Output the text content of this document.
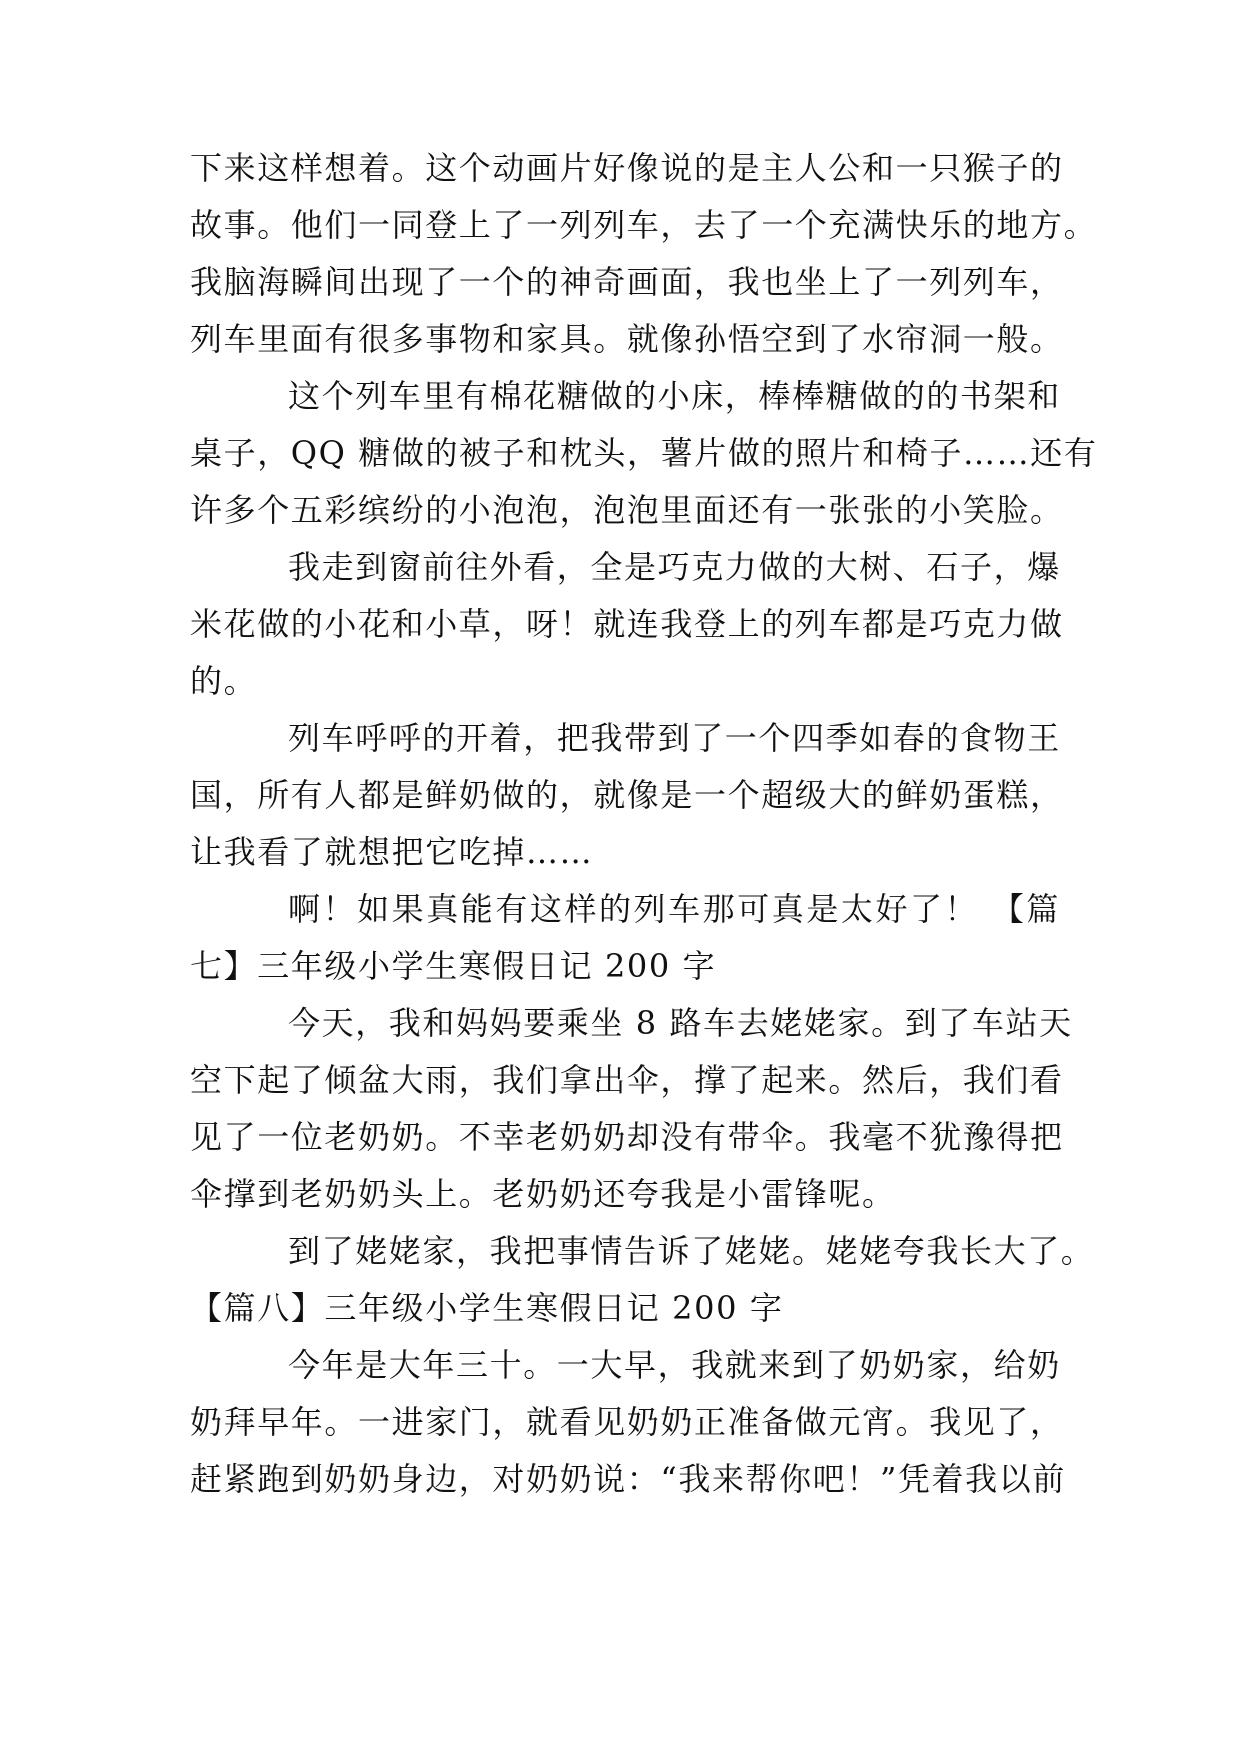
下来这样想着。这个动画片好像说的是主人公和一只猴子的
故事。他们一同登上了一列列车，去了一个充满快乐的地方。
我脑海瞬间出现了一个的神奇画面，我也坐上了一列列车，
列车里面有很多事物和家具。就像孙悟空到了水帘洞一般。
这个列车里有棉花糖做的小床，棒棒糖做的的书架和
桌子，QQ 糖做的被子和枕头，薯片做的照片和椅子……还有
许多个五彩缤纷的小泡泡，泡泡里面还有一张张的小笑脸。
我走到窗前往外看，全是巧克力做的大树、石子，爆
米花做的小花和小草，呀！就连我登上的列车都是巧克力做
的。
列车呼呼的开着，把我带到了一个四季如春的食物王
国，所有人都是鲜奶做的，就像是一个超级大的鲜奶蛋糕，
让我看了就想把它吃掉……
啊！如果真能有这样的列车那可真是太好了！ 【篇
七】三年级小学生寒假日记 200 字
今天，我和妈妈要乘坐 8 路车去姥姥家。到了车站天
空下起了倾盆大雨，我们拿出伞，撑了起来。然后，我们看
见了一位老奶奶。不幸老奶奶却没有带伞。我毫不犹豫得把
伞撑到老奶奶头上。老奶奶还夸我是小雷锋呢。
到了姥姥家，我把事情告诉了姥姥。姥姥夸我长大了。
【篇八】三年级小学生寒假日记 200 字
今年是大年三十。一大早，我就来到了奶奶家，给奶
奶拜早年。一进家门，就看见奶奶正准备做元宵。我见了，
赶紧跑到奶奶身边，对奶奶说：“我来帮你吧！”凭着我以前
